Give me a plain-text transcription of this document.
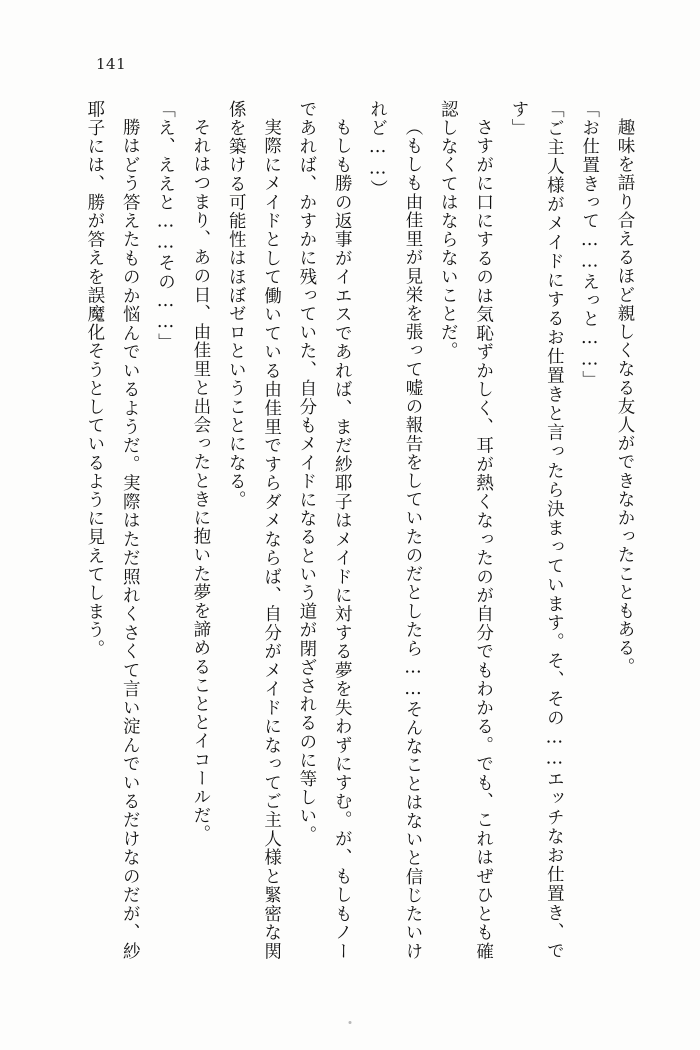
141

趣味を語り合えるほど親しくなる友人ができなかったこともある。

「お仕置きって……えっと……」

「ご主人様がメイドにするお仕置きと言ったら決まっています。そ、その……エッチなお仕置き、です」

さすがに口にするのは気恥ずかしく、耳が熱くなったのが自分でもわかる。でも、これはぜひとも確認しなくてはならないことだ。

（もしも由佳里が見栄を張って嘘の報告をしていたのだとしたら……そんなことはないと信じたいけれど……）

もしも勝の返事がイエスであれば、まだ紗耶子はメイドに対する夢を失わずにすむ。が、もしもノーであれば、かすかに残っていた、自分もメイドになるという道が閉ざされるのに等しい。

実際にメイドとして働いている由佳里ですらダメならば、自分がメイドになってご主人様と緊密な関係を築ける可能性はほぼゼロということになる。

それはつまり、あの日、由佳里と出会ったときに抱いた夢を諦めることとイコールだ。

「え、ええと……その……」

勝はどう答えたものか悩んでいるようだ。実際はただ照れくさくて言い淀んでいるだけなのだが、紗耶子には、勝が答えを誤魔化そうとしているように見えてしまう。
